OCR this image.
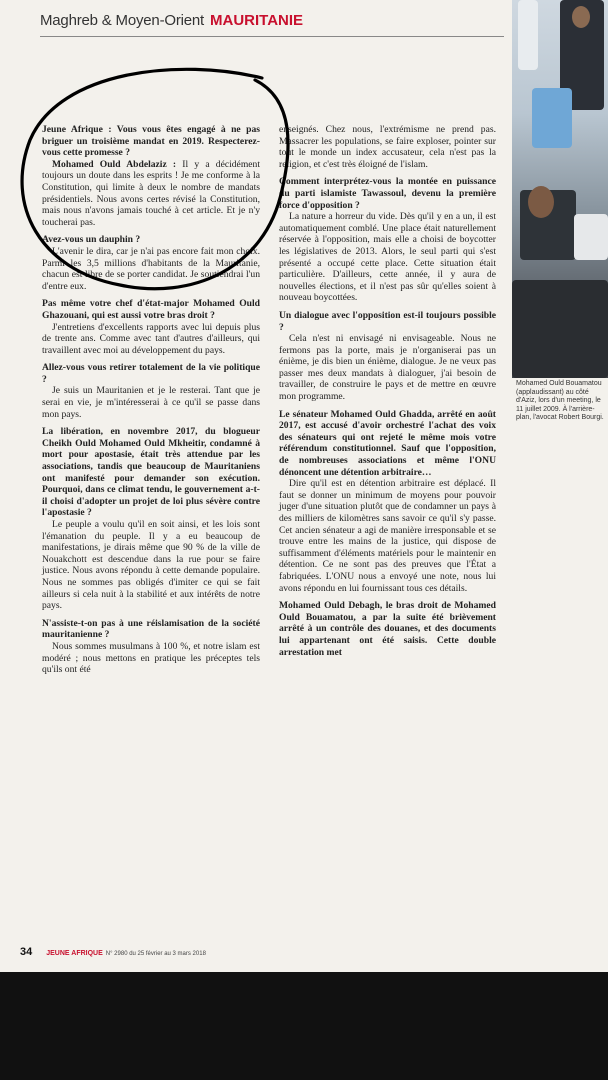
Maghreb & Moyen-Orient MAURITANIE

Jeune Afrique : Vous vous êtes engagé à ne pas briguer un troisième mandat en 2019. Respecterez-vous cette promesse ?

Mohamed Ould Abdelaziz : Il y a décidément toujours un doute dans les esprits ! Je me conforme à la Constitution, qui limite à deux le nombre de mandats présidentiels. Nous avons certes révisé la Constitution, mais nous n'avons jamais touché à cet article. Et je n'y toucherai pas.

Avez-vous un dauphin ?

L'avenir le dira, car je n'ai pas encore fait mon choix. Parmi les 3,5 millions d'habitants de la Mauritanie, chacun est libre de se porter candidat. Je soutiendrai l'un d'entre eux.

Pas même votre chef d'état-major Mohamed Ould Ghazouani, qui est aussi votre bras droit ?

J'entretiens d'excellents rapports avec lui depuis plus de trente ans. Comme avec tant d'autres d'ailleurs, qui travaillent avec moi au développement du pays.

Allez-vous vous retirer totalement de la vie politique ?

Je suis un Mauritanien et je le resterai. Tant que je serai en vie, je m'intéresserai à ce qu'il se passe dans mon pays.

La libération, en novembre 2017, du blogueur Cheikh Ould Mohamed Ould Mkheitir, condamné à mort pour apostasie, était très attendue par les associations, tandis que beaucoup de Mauritaniens ont manifesté pour demander son exécution. Pourquoi, dans ce climat tendu, le gouvernement a-t-il choisi d'adopter un projet de loi plus sévère contre l'apostasie ?

Le peuple a voulu qu'il en soit ainsi, et les lois sont l'émanation du peuple. Il y a eu beaucoup de manifestations, je dirais même que 90 % de la ville de Nouakchott est descendue dans la rue pour se faire justice. Nous avons répondu à cette demande populaire. Nous ne sommes pas obligés d'imiter ce qui se fait ailleurs si cela nuit à la stabilité et aux intérêts de notre pays.

N'assiste-t-on pas à une réislamisation de la société mauritanienne ?

Nous sommes musulmans à 100 %, et notre islam est modéré ; nous mettons en pratique les préceptes tels qu'ils ont été

enseignés. Chez nous, l'extrémisme ne prend pas. Massacrer les populations, se faire exploser, pointer sur tout le monde un index accusateur, cela n'est pas la religion, et c'est très éloigné de l'islam.

Comment interprétez-vous la montée en puissance du parti islamiste Tawassoul, devenu la première force d'opposition ?

La nature a horreur du vide. Dès qu'il y en a un, il est automatiquement comblé. Une place était naturellement réservée à l'opposition, mais elle a choisi de boycotter les législatives de 2013. Alors, le seul parti qui s'est présenté a occupé cette place. Cette situation était particulière. D'ailleurs, cette année, il y aura de nouvelles élections, et il n'est pas sûr qu'elles soient à nouveau boycottées.

Un dialogue avec l'opposition est-il toujours possible ?

Cela n'est ni envisagé ni envisageable. Nous ne fermons pas la porte, mais je n'organiserai pas un énième, je dis bien un énième, dialogue. Je ne veux pas passer mes deux mandats à dialoguer, j'ai besoin de travailler, de construire le pays et de mettre en œuvre mon programme.

Le sénateur Mohamed Ould Ghadda, arrêté en août 2017, est accusé d'avoir orchestré l'achat des voix des sénateurs qui ont rejeté le même mois votre référendum constitutionnel. Sauf que l'opposition, de nombreuses associations et même l'ONU dénoncent une détention arbitraire…

Dire qu'il est en détention arbitraire est déplacé. Il faut se donner un minimum de moyens pour pouvoir juger d'une situation plutôt que de condamner un pays à des milliers de kilomètres sans savoir ce qu'il s'y passe. Cet ancien sénateur a agi de manière irresponsable et se trouve entre les mains de la justice, qui dispose de suffisamment d'éléments matériels pour le maintenir en détention. Ce ne sont pas des preuves que l'État a fabriquées. L'ONU nous a envoyé une note, nous lui avons répondu en lui fournissant tous ces détails.

Mohamed Ould Debagh, le bras droit de Mohamed Ould Bouamatou, a par la suite été brièvement arrêté à un contrôle des douanes, et des documents lui appartenant ont été saisis. Cette double arrestation met

Mohamed Ould Bouamatou (applaudissant) au côté d'Aziz, lors d'un meeting, le 11 juillet 2009. À l'arrière-plan, l'avocat Robert Bourgi.
34 JEUNE AFRIQUE N° 2980 du 25 février au 3 mars 2018
